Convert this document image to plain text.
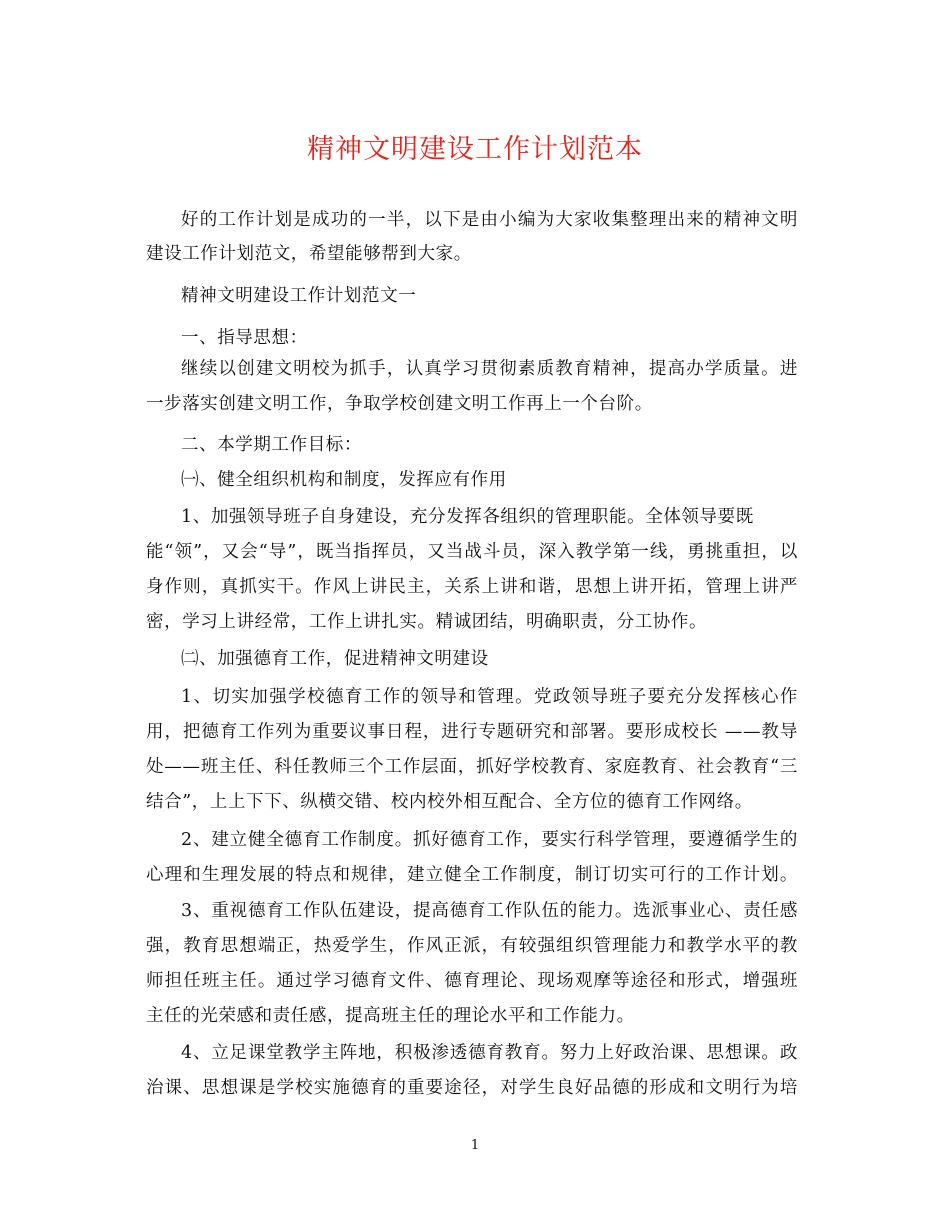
精神文明建设工作计划范本
好的工作计划是成功的一半，以下是由小编为大家收集整理出来的精神文明
建设工作计划范文，希望能够帮到大家。
精神文明建设工作计划范文一
一、指导思想：
继续以创建文明校为抓手，认真学习贯彻素质教育精神，提高办学质量。进
一步落实创建文明工作，争取学校创建文明工作再上一个台阶。
二、本学期工作目标：
㈠、健全组织机构和制度，发挥应有作用
1、加强领导班子自身建设，充分发挥各组织的管理职能。全体领导要既
能“领”，又会“导”，既当指挥员，又当战斗员，深入教学第一线，勇挑重担，以
身作则，真抓实干。作风上讲民主，关系上讲和谐，思想上讲开拓，管理上讲严
密，学习上讲经常，工作上讲扎实。精诚团结，明确职责，分工协作。
㈡、加强德育工作，促进精神文明建设
1、切实加强学校德育工作的领导和管理。党政领导班子要充分发挥核心作
用，把德育工作列为重要议事日程，进行专题研究和部署。要形成校长 ——教导
处——班主任、科任教师三个工作层面，抓好学校教育、家庭教育、社会教育“三
结合”，上上下下、纵横交错、校内校外相互配合、全方位的德育工作网络。
2、建立健全德育工作制度。抓好德育工作，要实行科学管理，要遵循学生的
心理和生理发展的特点和规律，建立健全工作制度，制订切实可行的工作计划。
3、重视德育工作队伍建设，提高德育工作队伍的能力。选派事业心、责任感
强，教育思想端正，热爱学生，作风正派，有较强组织管理能力和教学水平的教
师担任班主任。通过学习德育文件、德育理论、现场观摩等途径和形式，增强班
主任的光荣感和责任感，提高班主任的理论水平和工作能力。
4、立足课堂教学主阵地，积极渗透德育教育。努力上好政治课、思想课。政
治课、思想课是学校实施德育的重要途径，对学生良好品德的形成和文明行为培
1
